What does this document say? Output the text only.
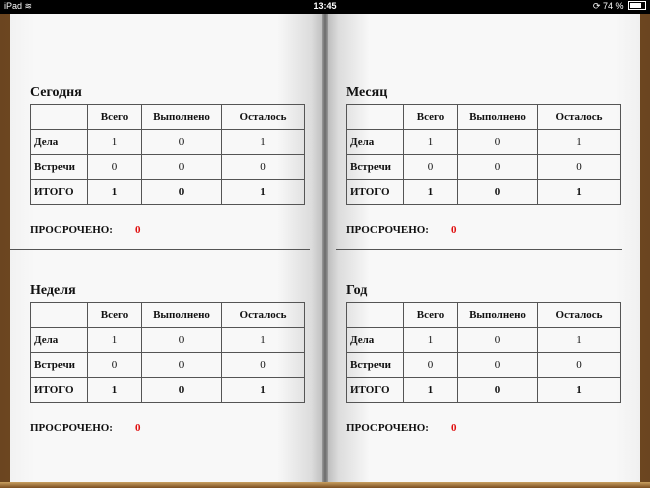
iPad ≋	13:45	⟳ 74 %
Сегодня
	Всего	Выполнено	Осталось
Дела	1	0	1
Встречи	0	0	0
ИТОГО	1	0	1
ПРОСРОЧЕНО: 0
Неделя
	Всего	Выполнено	Осталось
Дела	1	0	1
Встречи	0	0	0
ИТОГО	1	0	1
ПРОСРОЧЕНО: 0
Месяц
	Всего	Выполнено	Осталось
Дела	1	0	1
Встречи	0	0	0
ИТОГО	1	0	1
ПРОСРОЧЕНО: 0
Год
	Всего	Выполнено	Осталось
Дела	1	0	1
Встречи	0	0	0
ИТОГО	1	0	1
ПРОСРОЧЕНО: 0
